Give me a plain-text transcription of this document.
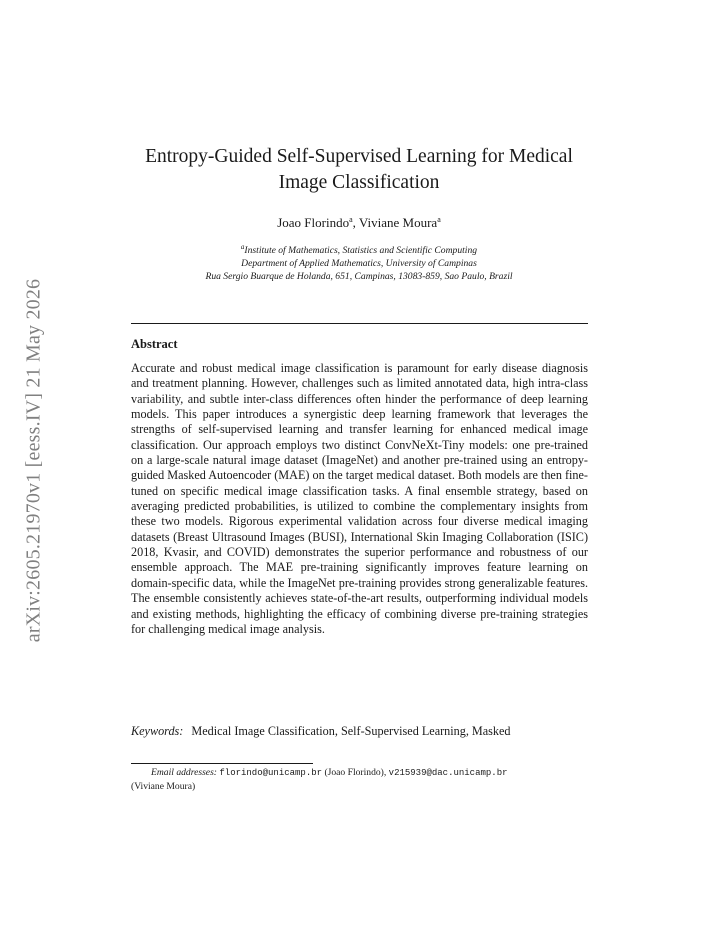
arXiv:2605.21970v1 [eess.IV] 21 May 2026
Entropy-Guided Self-Supervised Learning for Medical Image Classification
Joao Florindo$^a$, Viviane Moura$^a$
$^a$Institute of Mathematics, Statistics and Scientific Computing
Department of Applied Mathematics, University of Campinas
Rua Sergio Buarque de Holanda, 651, Campinas, 13083-859, Sao Paulo, Brazil
Abstract

Accurate and robust medical image classification is paramount for early disease diagnosis and treatment planning. However, challenges such as limited annotated data, high intra-class variability, and subtle inter-class differences often hinder the performance of deep learning models. This paper introduces a synergistic deep learning framework that leverages the strengths of self-supervised learning and transfer learning for enhanced medical image classification. Our approach employs two distinct ConvNeXt-Tiny models: one pre-trained on a large-scale natural image dataset (ImageNet) and another pre-trained using an entropy-guided Masked Autoencoder (MAE) on the target medical dataset. Both models are then fine-tuned on specific medical image classification tasks. A final ensemble strategy, based on averaging predicted probabilities, is utilized to combine the complementary insights from these two models. Rigorous experimental validation across four diverse medical imaging datasets (Breast Ultrasound Images (BUSI), International Skin Imaging Collaboration (ISIC) 2018, Kvasir, and COVID) demonstrates the superior performance and robustness of our ensemble approach. The MAE pre-training significantly improves feature learning on domain-specific data, while the ImageNet pre-training provides strong generalizable features. The ensemble consistently achieves state-of-the-art results, outperforming individual models and existing methods, highlighting the efficacy of combining diverse pre-training strategies for challenging medical image analysis.

Keywords: Medical Image Classification, Self-Supervised Learning, Masked
Email addresses: florindo@unicamp.br (Joao Florindo), v215939@dac.unicamp.br
(Viviane Moura)
